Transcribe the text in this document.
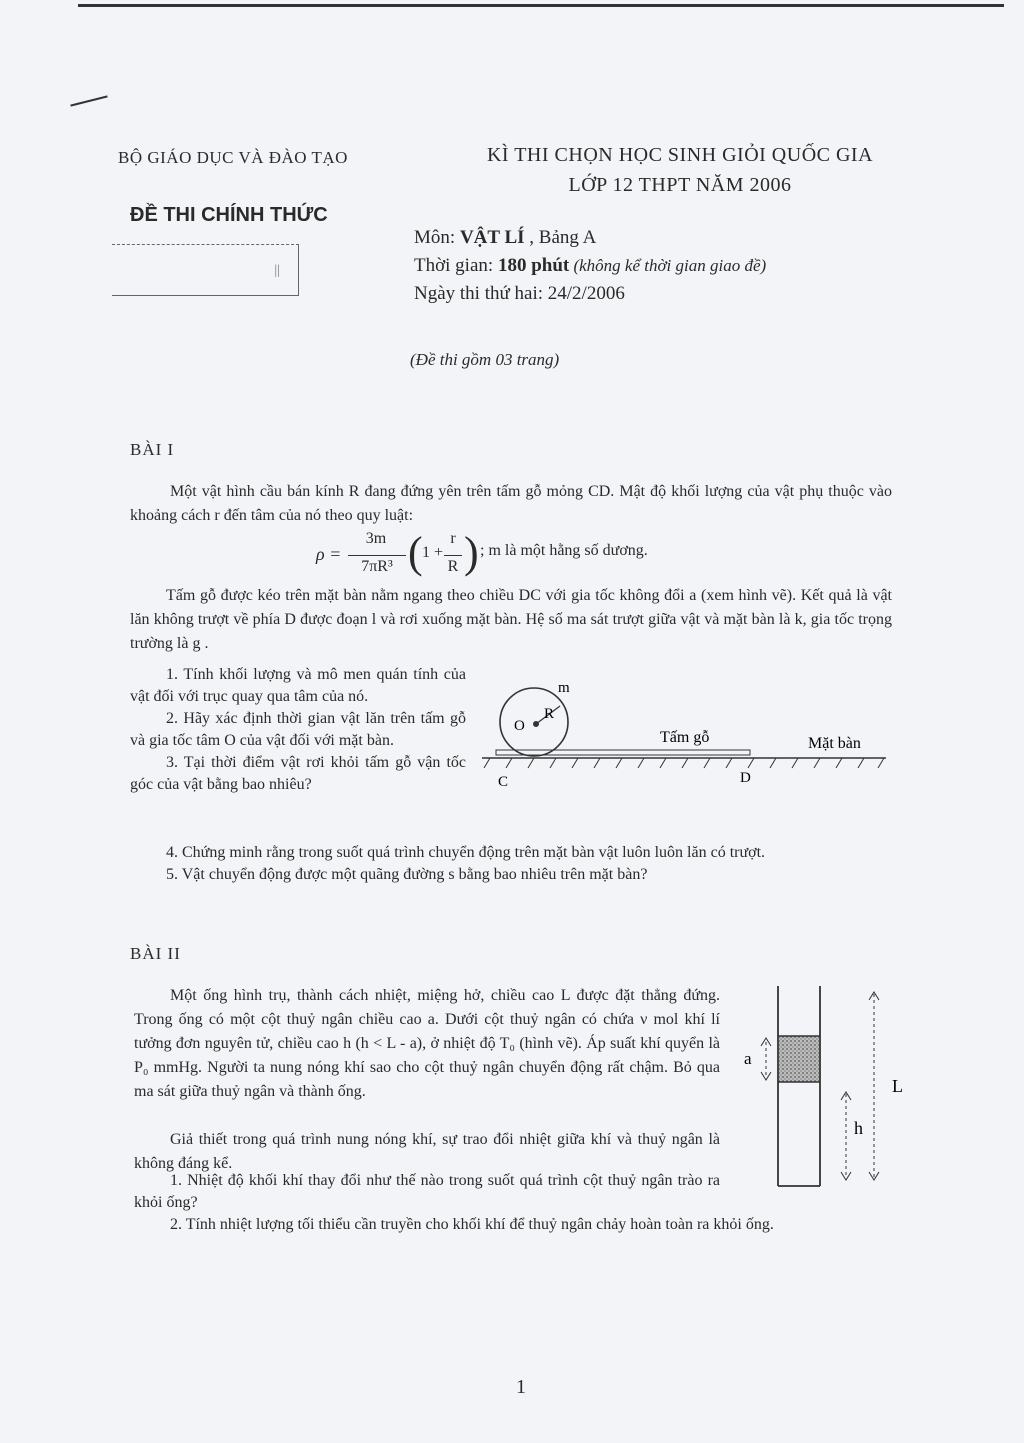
BỘ GIÁO DỤC VÀ ĐÀO TẠO
ĐỀ THI CHÍNH THỨC
||
KÌ THI CHỌN HỌC SINH GIỎI QUỐC GIA
LỚP 12 THPT NĂM 2006
Môn: VẬT LÍ , Bảng A
Thời gian: 180 phút (không kể thời gian giao đề)
Ngày thi thứ hai: 24/2/2006
(Đề thi gồm 03 trang)
BÀI I
Một vật hình cầu bán kính R đang đứng yên trên tấm gỗ mỏng CD. Mật độ khối lượng của vật phụ thuộc vào khoảng cách r đến tâm của nó theo quy luật:
ρ =
3m
7πR³ ( 1 +
r
R ) ; m là một hằng số dương.
Tấm gỗ được kéo trên mặt bàn nằm ngang theo chiều DC với gia tốc không đổi a (xem hình vẽ). Kết quả là vật lăn không trượt về phía D được đoạn l và rơi xuống mặt bàn. Hệ số ma sát trượt giữa vật và mặt bàn là k, gia tốc trọng trường là g .
1. Tính khối lượng và mô men quán tính của vật đối với trục quay qua tâm của nó.
2. Hãy xác định thời gian vật lăn trên tấm gỗ và gia tốc tâm O của vật đối với mặt bàn.
3. Tại thời điểm vật rơi khỏi tấm gỗ vận tốc góc của vật bằng bao nhiêu?
m
O
R
Tấm gỗ	Mặt bàn
C	D
4. Chứng minh rằng trong suốt quá trình chuyển động trên mặt bàn vật luôn luôn lăn có trượt.
5. Vật chuyển động được một quãng đường s bằng bao nhiêu trên mặt bàn?
BÀI II
Một ống hình trụ, thành cách nhiệt, miệng hở, chiều cao L được đặt thẳng đứng. Trong ống có một cột thuỷ ngân chiều cao a. Dưới cột thuỷ ngân có chứa ν mol khí lí tưởng đơn nguyên tử, chiều cao h (h < L - a), ở nhiệt độ T₀ (hình vẽ). Áp suất khí quyển là P₀ mmHg. Người ta nung nóng khí sao cho cột thuỷ ngân chuyển động rất chậm. Bỏ qua ma sát giữa thuỷ ngân và thành ống.
Giả thiết trong quá trình nung nóng khí, sự trao đổi nhiệt giữa khí và thuỷ ngân là không đáng kể.
1. Nhiệt độ khối khí thay đổi như thế nào trong suốt quá trình cột thuỷ ngân trào ra khỏi ống?
2. Tính nhiệt lượng tối thiểu cần truyền cho khối khí để thuỷ ngân chảy hoàn toàn ra khỏi ống.
a
h
L
1
